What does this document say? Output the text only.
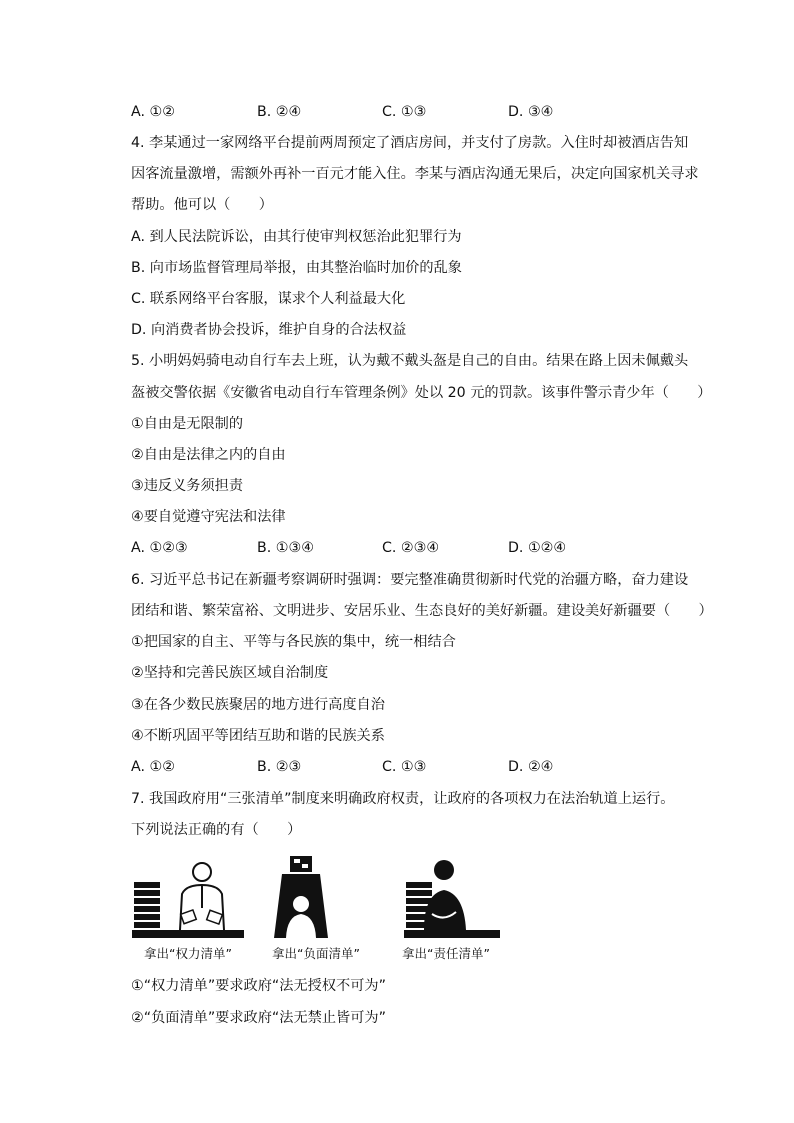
A. ①②	B. ②④	C. ①③	D. ③④
4. 李某通过一家网络平台提前两周预定了酒店房间，并支付了房款。入住时却被酒店告知
因客流量激增，需额外再补一百元才能入住。李某与酒店沟通无果后，决定向国家机关寻求
帮助。他可以（　　）
A. 到人民法院诉讼，由其行使审判权惩治此犯罪行为
B. 向市场监督管理局举报，由其整治临时加价的乱象
C. 联系网络平台客服，谋求个人利益最大化
D. 向消费者协会投诉，维护自身的合法权益
5. 小明妈妈骑电动自行车去上班，认为戴不戴头盔是自己的自由。结果在路上因未佩戴头
盔被交警依据《安徽省电动自行车管理条例》处以 20 元的罚款。该事件警示青少年（　　）
①自由是无限制的
②自由是法律之内的自由
③违反义务须担责
④要自觉遵守宪法和法律
A. ①②③	B. ①③④	C. ②③④	D. ①②④
6. 习近平总书记在新疆考察调研时强调：要完整准确贯彻新时代党的治疆方略，奋力建设
团结和谐、繁荣富裕、文明进步、安居乐业、生态良好的美好新疆。建设美好新疆要（　　）
①把国家的自主、平等与各民族的集中，统一相结合
②坚持和完善民族区域自治制度
③在各少数民族聚居的地方进行高度自治
④不断巩固平等团结互助和谐的民族关系
A. ①②	B. ②③	C. ①③	D. ②④
7. 我国政府用“三张清单”制度来明确政府权责，让政府的各项权力在法治轨道上运行。
下列说法正确的有（　　）
拿出“权力清单”	拿出“负面清单”	拿出“责任清单”
①“权力清单”要求政府“法无授权不可为”
②“负面清单”要求政府“法无禁止皆可为”
